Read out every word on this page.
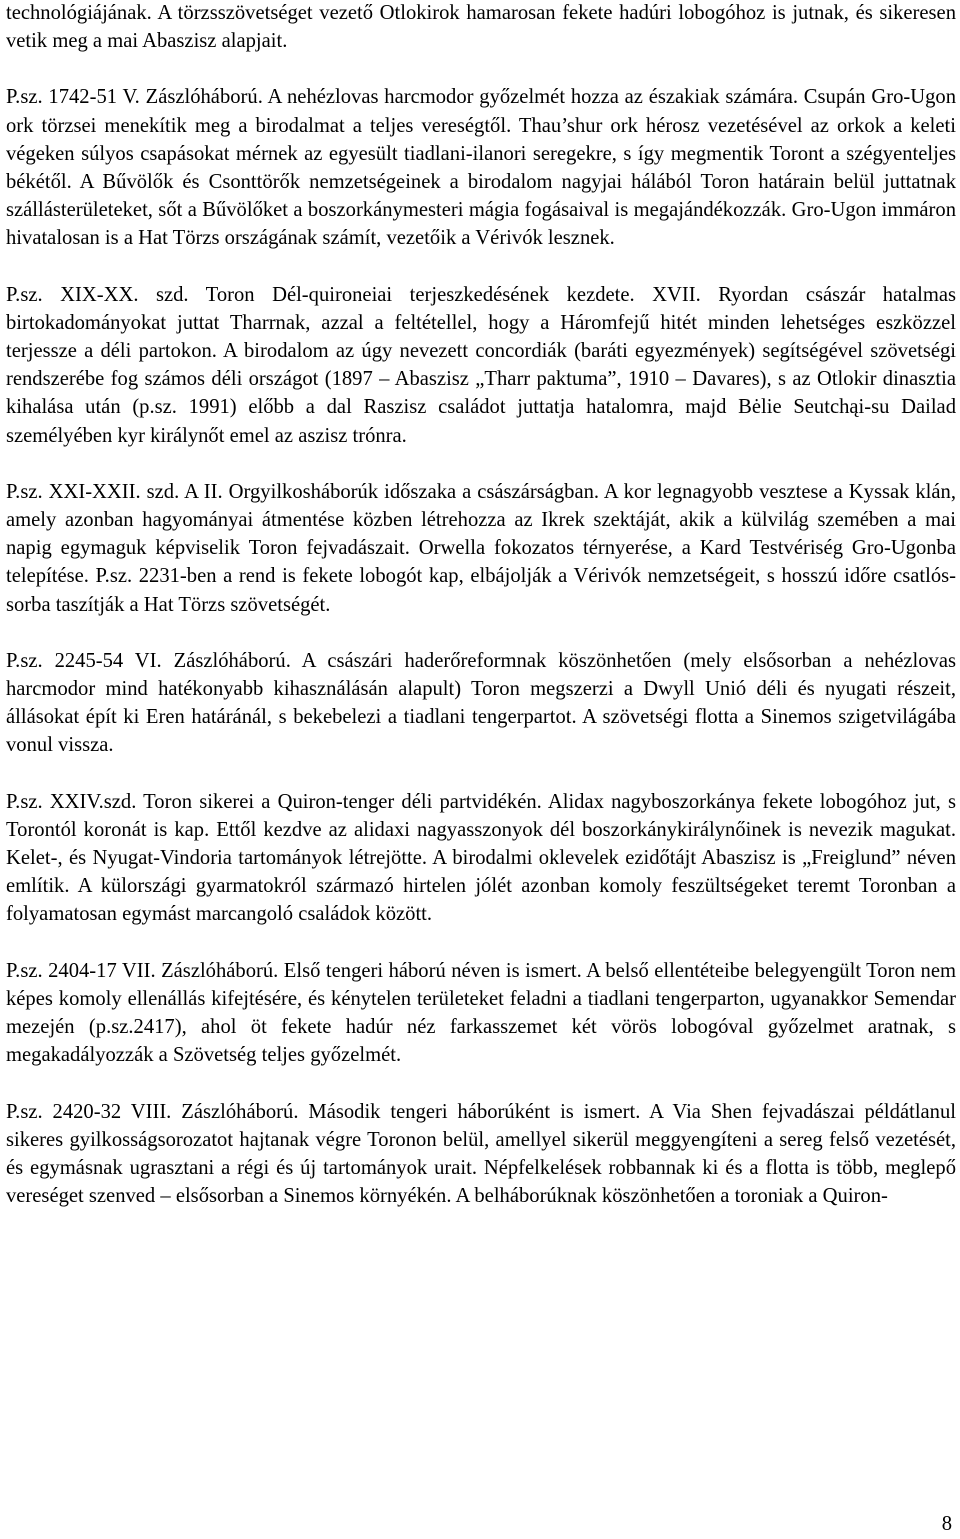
technológiájának. A törzsszövetséget vezető Otlokirok hamarosan fekete hadúri lobogóhoz is jutnak, és sikeresen vetik meg a mai Abaszisz alapjait.

P.sz. 1742-51 V. Zászlóháború. A nehézlovas harcmodor győzelmét hozza az északiak számára. Csupán Gro-Ugon ork törzsei menekítik meg a birodalmat a teljes vereségtől. Thau’shur ork hérosz vezetésével az orkok a keleti végeken súlyos csapásokat mérnek az egyesült tiadlani-ilanori seregekre, s így megmentik Toront a szégyenteljes békétől. A Bűvölők és Csonttörők nemzetségeinek a birodalom nagyjai hálából Toron határain belül juttatnak szállásterületeket, sőt a Bűvölőket a boszorkánymesteri mágia fogásaival is megajándékozzák. Gro-Ugon immáron hivatalosan is a Hat Törzs országának számít, vezetőik a Vérivók lesznek.

P.sz. XIX-XX. szd. Toron Dél-quironeiai terjeszkedésének kezdete. XVII. Ryordan császár hatalmas birtokadományokat juttat Tharrnak, azzal a feltétellel, hogy a Háromfejű hitét minden lehetséges eszközzel terjessze a déli partokon. A birodalom az úgy nevezett concordiák (baráti egyezmények) segítségével szövetségi rendszerébe fog számos déli országot (1897 – Abaszisz „Tharr paktuma”, 1910 – Davares), s az Otlokir dinasztia kihalása után (p.sz. 1991) előbb a dal Raszisz családot juttatja hatalomra, majd Bėlie Seutchąi-su Dailad személyében kyr királynőt emel az aszisz trónra.

P.sz. XXI-XXII. szd. A II. Orgyilkosháborúk időszaka a császárságban. A kor legnagyobb vesztese a Kyssak klán, amely azonban hagyományai átmentése közben létrehozza az Ikrek szektáját, akik a külvilág szemében a mai napig egymaguk képviselik Toron fejvadászait. Orwella fokozatos térnyerése, a Kard Testvériség Gro-Ugonba telepítése. P.sz. 2231-ben a rend is fekete lobogót kap, elbájolják a Vérivók nemzetségeit, s hosszú időre csatlós-sorba taszítják a Hat Törzs szövetségét.

P.sz. 2245-54 VI. Zászlóháború. A császári haderőreformnak köszönhetően (mely elsősorban a nehézlovas harcmodor mind hatékonyabb kihasználásán alapult) Toron megszerzi a Dwyll Unió déli és nyugati részeit, állásokat épít ki Eren határánál, s bekebelezi a tiadlani tengerpartot. A szövetségi flotta a Sinemos szigetvilágába vonul vissza.

P.sz. XXIV.szd. Toron sikerei a Quiron-tenger déli partvidékén. Alidax nagyboszorkánya fekete lobogóhoz jut, s Torontól koronát is kap. Ettől kezdve az alidaxi nagyasszonyok dél boszorkánykirálynőinek is nevezik magukat. Kelet-, és Nyugat-Vindoria tartományok létrejötte. A birodalmi oklevelek ezidőtájt Abaszisz is „Freiglund” néven említik. A külországi gyarmatokról származó hirtelen jólét azonban komoly feszültségeket teremt Toronban a folyamatosan egymást marcangoló családok között.

P.sz. 2404-17 VII. Zászlóháború. Első tengeri háború néven is ismert. A belső ellentéteibe belegyengült Toron nem képes komoly ellenállás kifejtésére, és kénytelen területeket feladni a tiadlani tengerparton, ugyanakkor Semendar mezején (p.sz.2417), ahol öt fekete hadúr néz farkasszemet két vörös lobogóval győzelmet aratnak, s megakadályozzák a Szövetség teljes győzelmét.

P.sz. 2420-32 VIII. Zászlóháború. Második tengeri háborúként is ismert. A Via Shen fejvadászai példátlanul sikeres gyilkosságsorozatot hajtanak végre Toronon belül, amellyel sikerül meggyengíteni a sereg felső vezetését, és egymásnak ugrasztani a régi és új tartományok urait. Népfelkelések robbannak ki és a flotta is több, meglepő vereséget szenved – elsősorban a Sinemos környékén. A belháborúknak köszönhetően a toroniak a Quiron-

8
